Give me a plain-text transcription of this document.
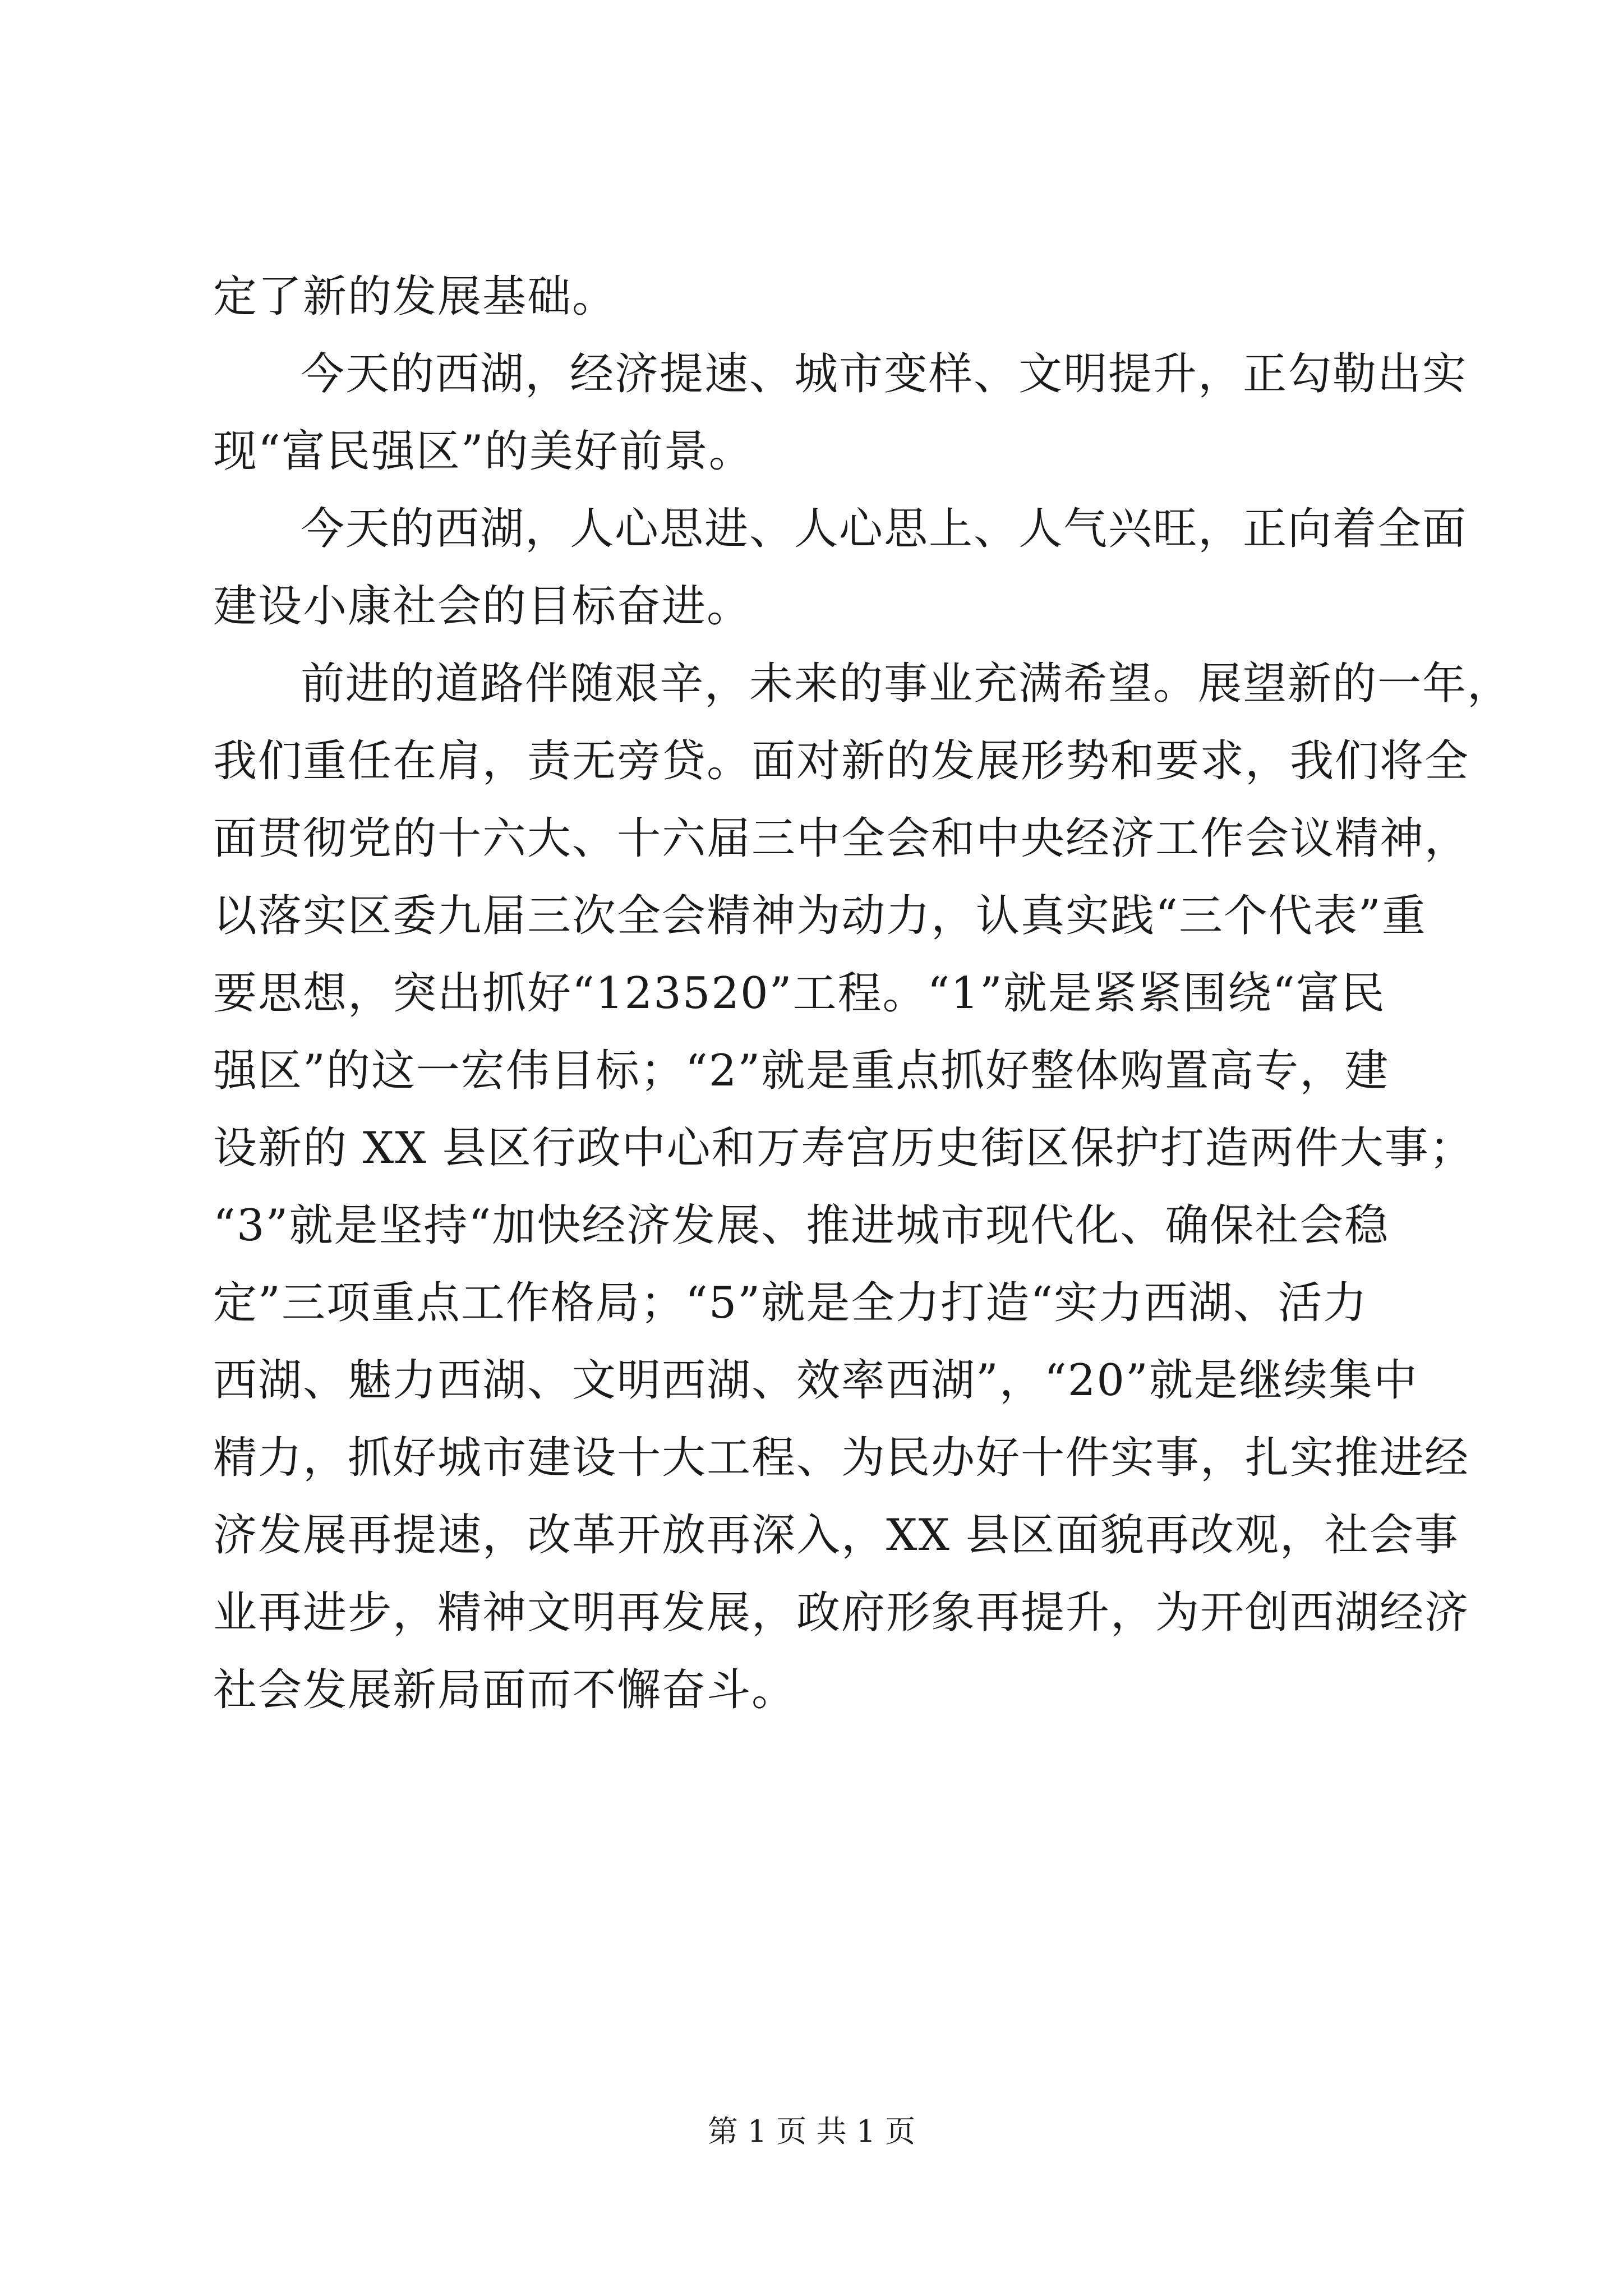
定了新的发展基础。
今天的西湖，经济提速、城市变样、文明提升，正勾勒出实
现“富民强区”的美好前景。
今天的西湖，人心思进、人心思上、人气兴旺，正向着全面
建设小康社会的目标奋进。
前进的道路伴随艰辛，未来的事业充满希望。展望新的一年，
我们重任在肩，责无旁贷。面对新的发展形势和要求，我们将全
面贯彻党的十六大、十六届三中全会和中央经济工作会议精神，
以落实区委九届三次全会精神为动力，认真实践“三个代表”重
要思想，突出抓好“123520”工程。“1”就是紧紧围绕“富民
强区”的这一宏伟目标；“2”就是重点抓好整体购置高专，建
设新的 XX 县区行政中心和万寿宫历史街区保护打造两件大事；
“3”就是坚持“加快经济发展、推进城市现代化、确保社会稳
定”三项重点工作格局；“5”就是全力打造“实力西湖、活力
西湖、魅力西湖、文明西湖、效率西湖”，“20”就是继续集中
精力，抓好城市建设十大工程、为民办好十件实事，扎实推进经
济发展再提速，改革开放再深入，XX 县区面貌再改观，社会事
业再进步，精神文明再发展，政府形象再提升，为开创西湖经济
社会发展新局面而不懈奋斗。
第 1 页 共 1 页
